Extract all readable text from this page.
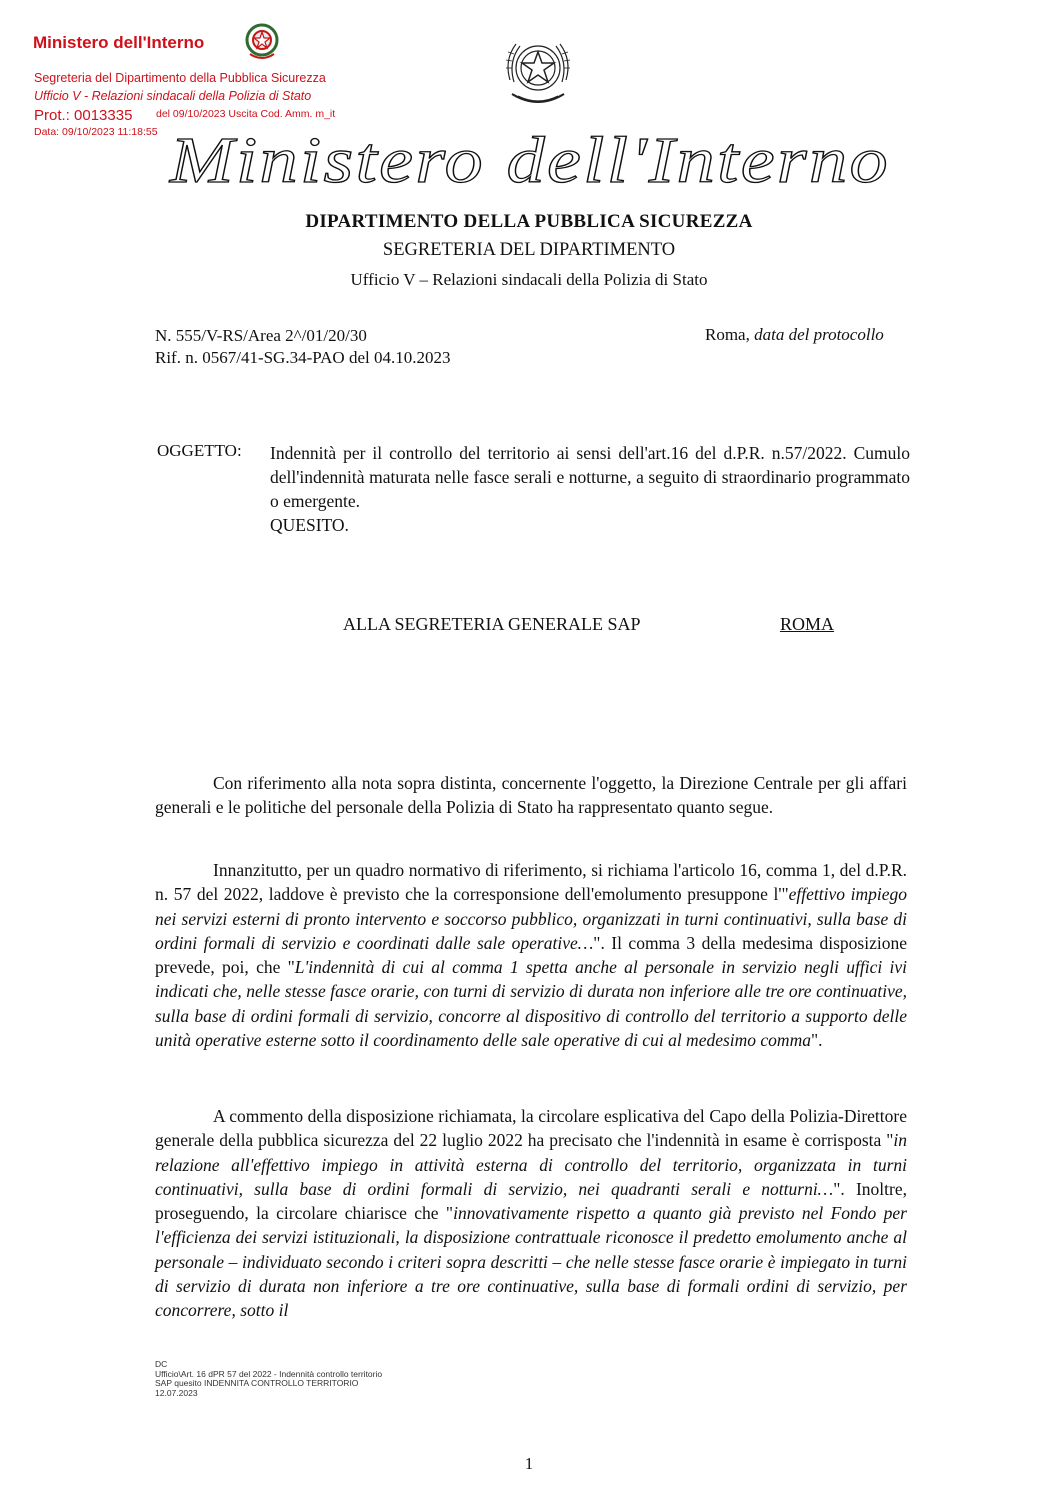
Ministero dell'Interno
Segreteria del Dipartimento della Pubblica Sicurezza
Ufficio V - Relazioni sindacali della Polizia di Stato
Prot.: 0013335 del 09/10/2023 Uscita Cod. Amm. m_it
Data: 09/10/2023 11:18:55 Ministero dell'Interno
DIPARTIMENTO DELLA PUBBLICA SICUREZZA
SEGRETERIA DEL DIPARTIMENTO
Ufficio V – Relazioni sindacali della Polizia di Stato
N. 555/V-RS/Area 2^/01/20/30
Rif. n. 0567/41-SG.34-PAO del 04.10.2023
Roma, data del protocollo
OGGETTO: Indennità per il controllo del territorio ai sensi dell'art.16 del d.P.R. n.57/2022. Cumulo dell'indennità maturata nelle fasce serali e notturne, a seguito di straordinario programmato o emergente.
QUESITO.
ALLA SEGRETERIA GENERALE SAP	ROMA
Con riferimento alla nota sopra distinta, concernente l'oggetto, la Direzione Centrale per gli affari generali e le politiche del personale della Polizia di Stato ha rappresentato quanto segue.
Innanzitutto, per un quadro normativo di riferimento, si richiama l'articolo 16, comma 1, del d.P.R. n. 57 del 2022, laddove è previsto che la corresponsione dell'emolumento presuppone l'"effettivo impiego nei servizi esterni di pronto intervento e soccorso pubblico, organizzati in turni continuativi, sulla base di ordini formali di servizio e coordinati dalle sale operative…". Il comma 3 della medesima disposizione prevede, poi, che "L'indennità di cui al comma 1 spetta anche al personale in servizio negli uffici ivi indicati che, nelle stesse fasce orarie, con turni di servizio di durata non inferiore alle tre ore continuative, sulla base di ordini formali di servizio, concorre al dispositivo di controllo del territorio a supporto delle unità operative esterne sotto il coordinamento delle sale operative di cui al medesimo comma".
A commento della disposizione richiamata, la circolare esplicativa del Capo della Polizia-Direttore generale della pubblica sicurezza del 22 luglio 2022 ha precisato che l'indennità in esame è corrisposta "in relazione all'effettivo impiego in attività esterna di controllo del territorio, organizzata in turni continuativi, sulla base di ordini formali di servizio, nei quadranti serali e notturni…". Inoltre, proseguendo, la circolare chiarisce che "innovativamente rispetto a quanto già previsto nel Fondo per l'efficienza dei servizi istituzionali, la disposizione contrattuale riconosce il predetto emolumento anche al personale – individuato secondo i criteri sopra descritti – che nelle stesse fasce orarie è impiegato in turni di servizio di durata non inferiore a tre ore continuative, sulla base di formali ordini di servizio, per concorrere, sotto il
DC
Ufficio\Art. 16 dPR 57 del 2022 - Indennità controllo territorio
SAP quesito INDENNITA CONTROLLO TERRITORIO
12.07.2023
1
